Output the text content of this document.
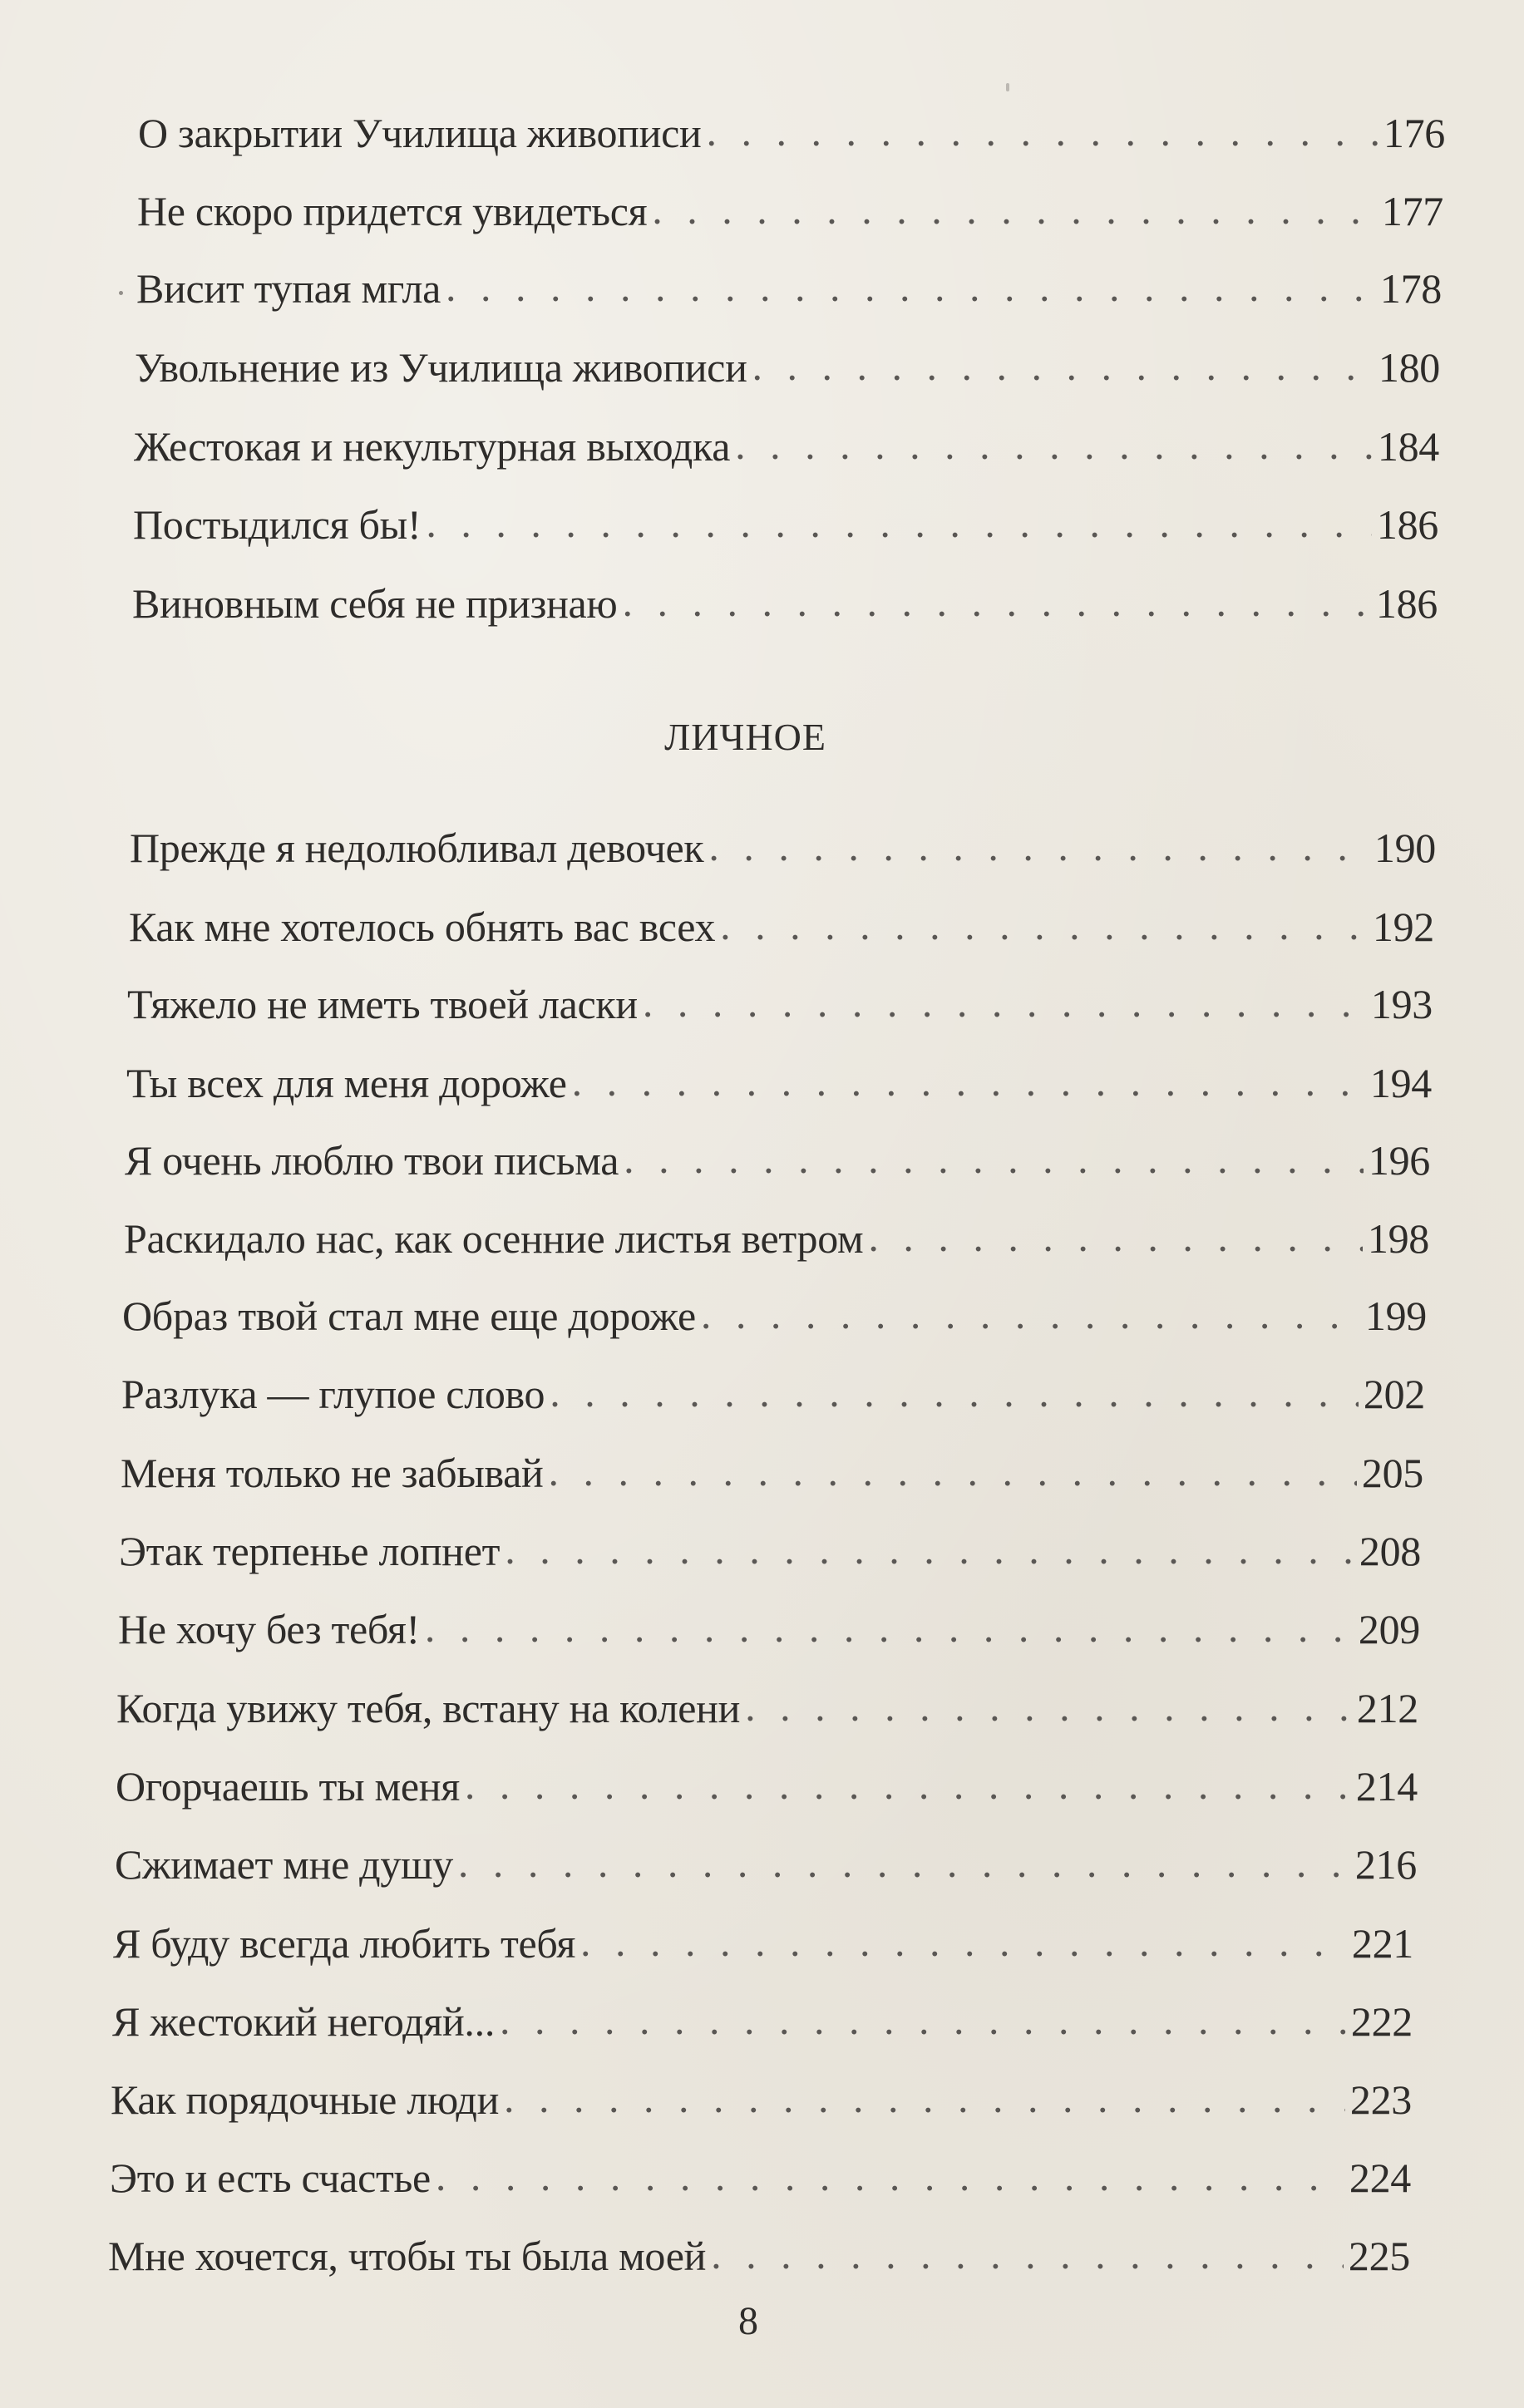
О закрытии Училища живописи . . .	176
Не скоро придется увидеться . . .	177
Висит тупая мгла . . .	178
Увольнение из Училища живописи . . .	180
Жестокая и некультурная выходка . . .	184
Постыдился бы! . . .	186
Виновным себя не признаю . . .	186
ЛИЧНОЕ
Прежде я недолюбливал девочек . . .	190
Как мне хотелось обнять вас всех . . .	192
Тяжело не иметь твоей ласки . . .	193
Ты всех для меня дороже . . .	194
Я очень люблю твои письма . . .	196
Раскидало нас, как осенние листья ветром . . .	198
Образ твой стал мне еще дороже . . .	199
Разлука — глупое слово . . .	202
Меня только не забывай . . .	205
Этак терпенье лопнет . . .	208
Не хочу без тебя! . . .	209
Когда увижу тебя, встану на колени . . .	212
Огорчаешь ты меня . . .	214
Сжимает мне душу . . .	216
Я буду всегда любить тебя . . .	221
Я жестокий негодяй... . . .	222
Как порядочные люди . . .	223
Это и есть счастье . . .	224
Мне хочется, чтобы ты была моей . . .	225
8
